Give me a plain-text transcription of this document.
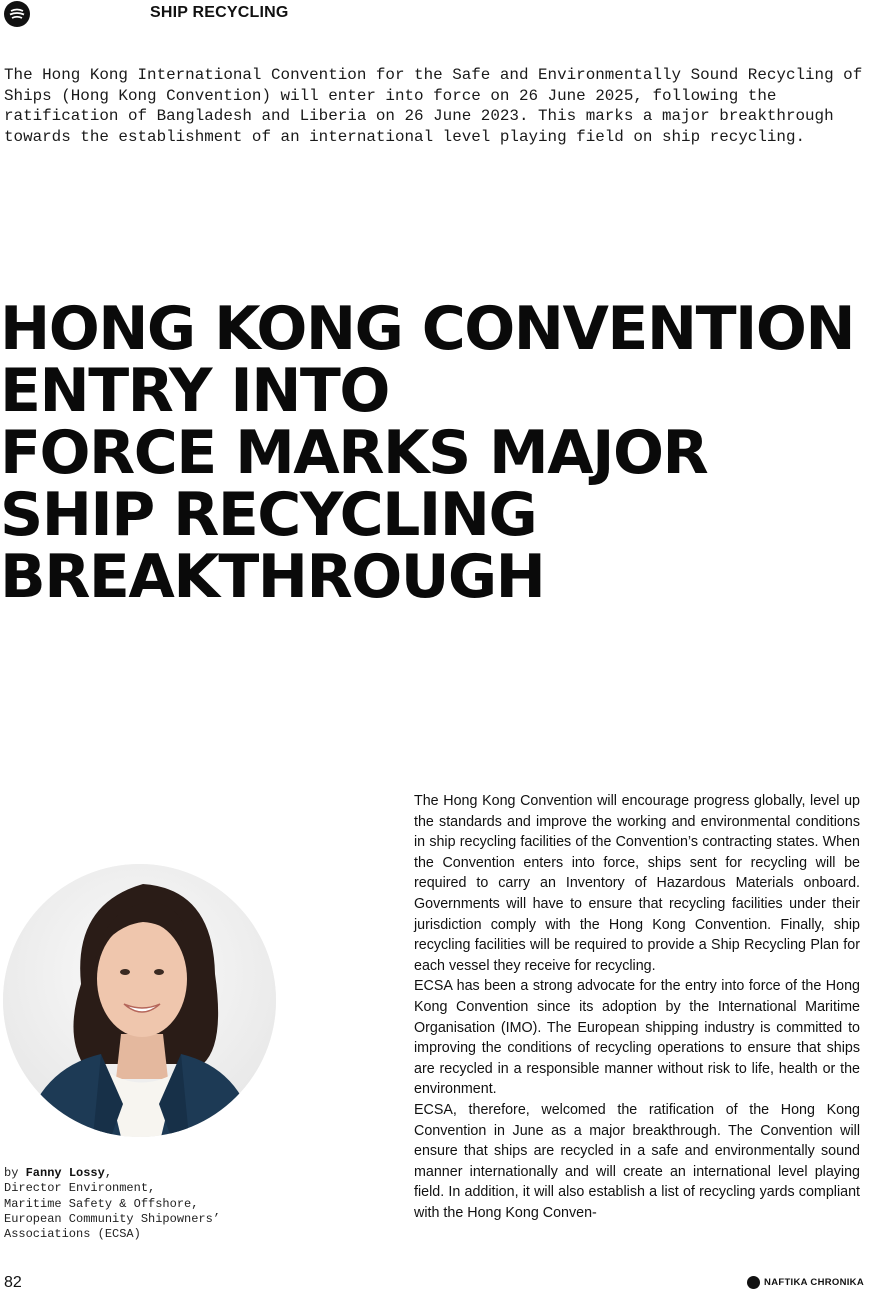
SHIP RECYCLING

The Hong Kong International Convention for the Safe and Environmentally Sound Recycling of Ships (Hong Kong Convention) will enter into force on 26 June 2025, following the ratification of Bangladesh and Liberia on 26 June 2023. This marks a major breakthrough towards the establishment of an international level playing field on ship recycling.

HONG KONG CONVENTION
ENTRY INTO
FORCE MARKS MAJOR
SHIP RECYCLING
BREAKTHROUGH
by Fanny Lossy,
Director Environment,
Maritime Safety & Offshore,
European Community Shipowners’
Associations (ECSA)

The Hong Kong Convention will encourage progress globally, level up the standards and improve the working and environmental conditions in ship recycling facilities of the Convention’s contracting states. When the Convention enters into force, ships sent for recycling will be required to carry an Inventory of Hazardous Materials onboard. Governments will have to ensure that recycling facilities under their jurisdiction comply with the Hong Kong Convention. Finally, ship recycling facilities will be required to provide a Ship Recycling Plan for each vessel they receive for recycling.

ECSA has been a strong advocate for the entry into force of the Hong Kong Convention since its adoption by the International Maritime Organisation (IMO). The European shipping industry is committed to improving the conditions of recycling operations to ensure that ships are recycled in a responsible manner without risk to life, health or the environment.

ECSA, therefore, welcomed the ratification of the Hong Kong Convention in June as a major breakthrough. The Convention will ensure that ships are recycled in a safe and environmentally sound manner internationally and will create an international level playing field. In addition, it will also establish a list of recycling yards compliant with the Hong Kong Conven-

82	NAFTIKA CHRONIKA
